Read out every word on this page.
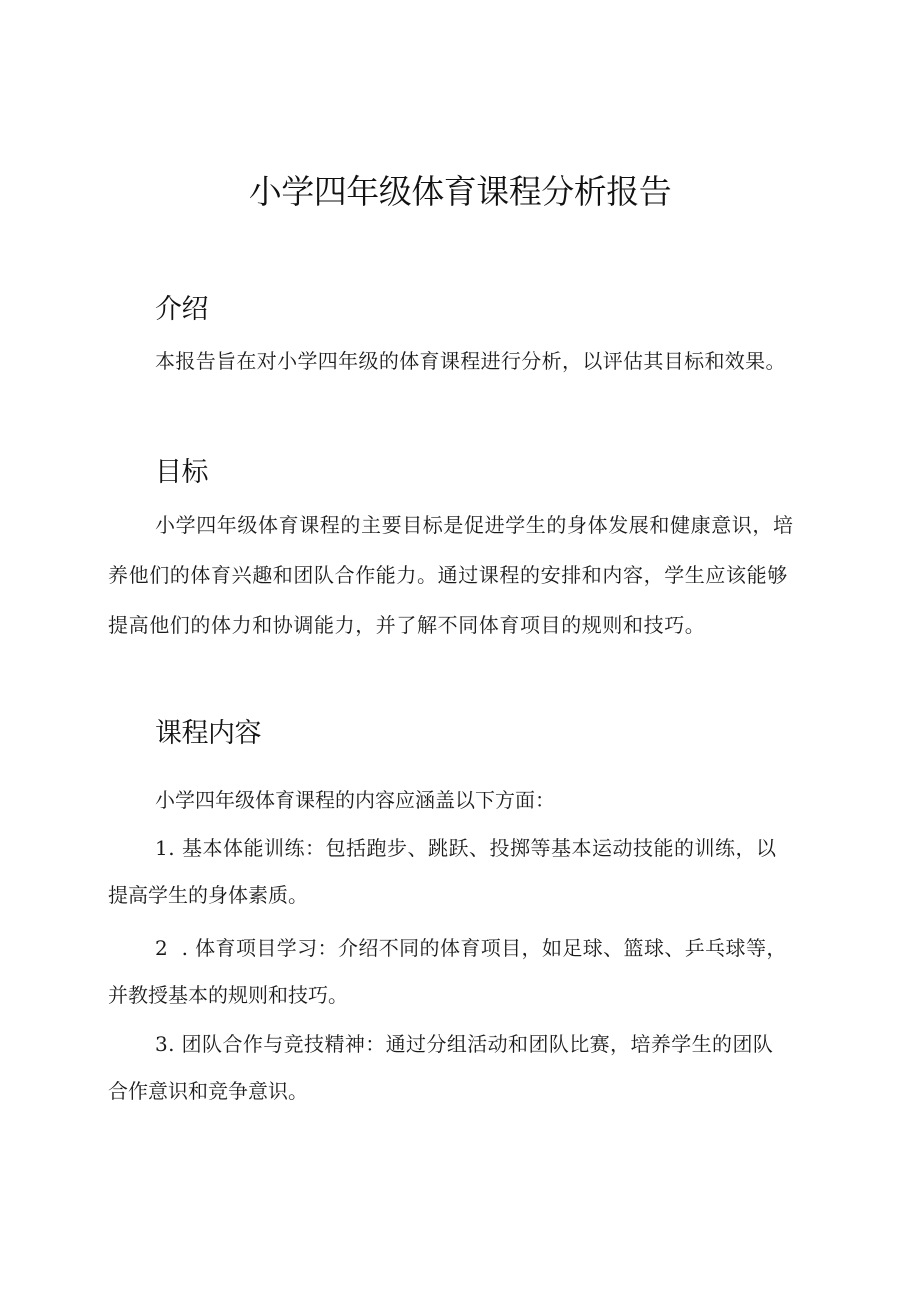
小学四年级体育课程分析报告
介绍
本报告旨在对小学四年级的体育课程进行分析，以评估其目标和效果。
目标
小学四年级体育课程的主要目标是促进学生的身体发展和健康意识，培
养他们的体育兴趣和团队合作能力。通过课程的安排和内容，学生应该能够
提高他们的体力和协调能力，并了解不同体育项目的规则和技巧。
课程内容
小学四年级体育课程的内容应涵盖以下方面：
1. 基本体能训练：包括跑步、跳跃、投掷等基本运动技能的训练，以
提高学生的身体素质。
2  . 体育项目学习：介绍不同的体育项目，如足球、篮球、乒乓球等，
并教授基本的规则和技巧。
3. 团队合作与竞技精神：通过分组活动和团队比赛，培养学生的团队
合作意识和竞争意识。
